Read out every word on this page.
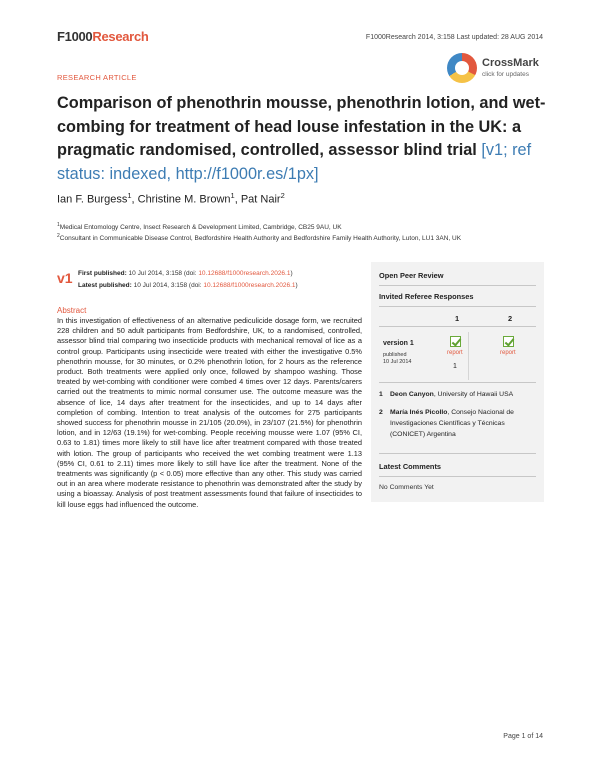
F1000Research	F1000Research 2014, 3:158 Last updated: 28 AUG 2014
RESEARCH ARTICLE
CrossMark
click for updates
Comparison of phenothrin mousse, phenothrin lotion, and wet-combing for treatment of head louse infestation in the UK: a pragmatic randomised, controlled, assessor blind trial [v1; ref status: indexed, http://f1000r.es/1px]
Ian F. Burgess$^1$, Christine M. Brown$^1$, Pat Nair$^2$
$^1$Medical Entomology Centre, Insect Research & Development Limited, Cambridge, CB25 9AU, UK
$^2$Consultant in Communicable Disease Control, Bedfordshire Health Authority and Bedfordshire Family Health Authority, Luton, LU1 3AN, UK
v1 First published: 10 Jul 2014, 3:158 (doi: 10.12688/f1000research.2026.1)
Latest published: 10 Jul 2014, 3:158 (doi: 10.12688/f1000research.2026.1)
Abstract
In this investigation of effectiveness of an alternative pediculicide dosage form, we recruited 228 children and 50 adult participants from Bedfordshire, UK, to a randomised, controlled, assessor blind trial comparing two insecticide products with mechanical removal of lice as a control group. Participants using insecticide were treated with either the investigative 0.5% phenothrin mousse, for 30 minutes, or 0.2% phenothrin lotion, for 2 hours as the reference product. Both treatments were applied only once, followed by shampoo washing. Those treated by wet-combing with conditioner were combed 4 times over 12 days. Parents/carers carried out the treatments to mimic normal consumer use. The outcome measure was the absence of lice, 14 days after treatment for the insecticides, and up to 14 days after completion of combing. Intention to treat analysis of the outcomes for 275 participants showed success for phenothrin mousse in 21/105 (20.0%), in 23/107 (21.5%) for phenothrin lotion, and in 12/63 (19.1%) for wet-combing. People receiving mousse were 1.07 (95% CI, 0.63 to 1.81) times more likely to still have lice after treatment compared with those treated with lotion. The group of participants who received the wet combing treatment were 1.13 (95% CI, 0.61 to 2.11) times more likely to still have lice after the treatment. None of the treatments was significantly (p < 0.05) more effective than any other. This study was carried out in an area where moderate resistance to phenothrin was demonstrated after the study by using a bioassay. Analysis of post treatment assessments found that failure of insecticides to kill louse eggs had influenced the outcome.
Open Peer Review
Invited Referee Responses
1	2
version 1
published
10 Jul 2014
report	report
1
1 Deon Canyon, University of Hawaii USA
2 María Inés Picollo, Consejo Nacional de
Investigaciones Científicas y Técnicas
(CONICET) Argentina
Latest Comments
No Comments Yet
Page 1 of 14
